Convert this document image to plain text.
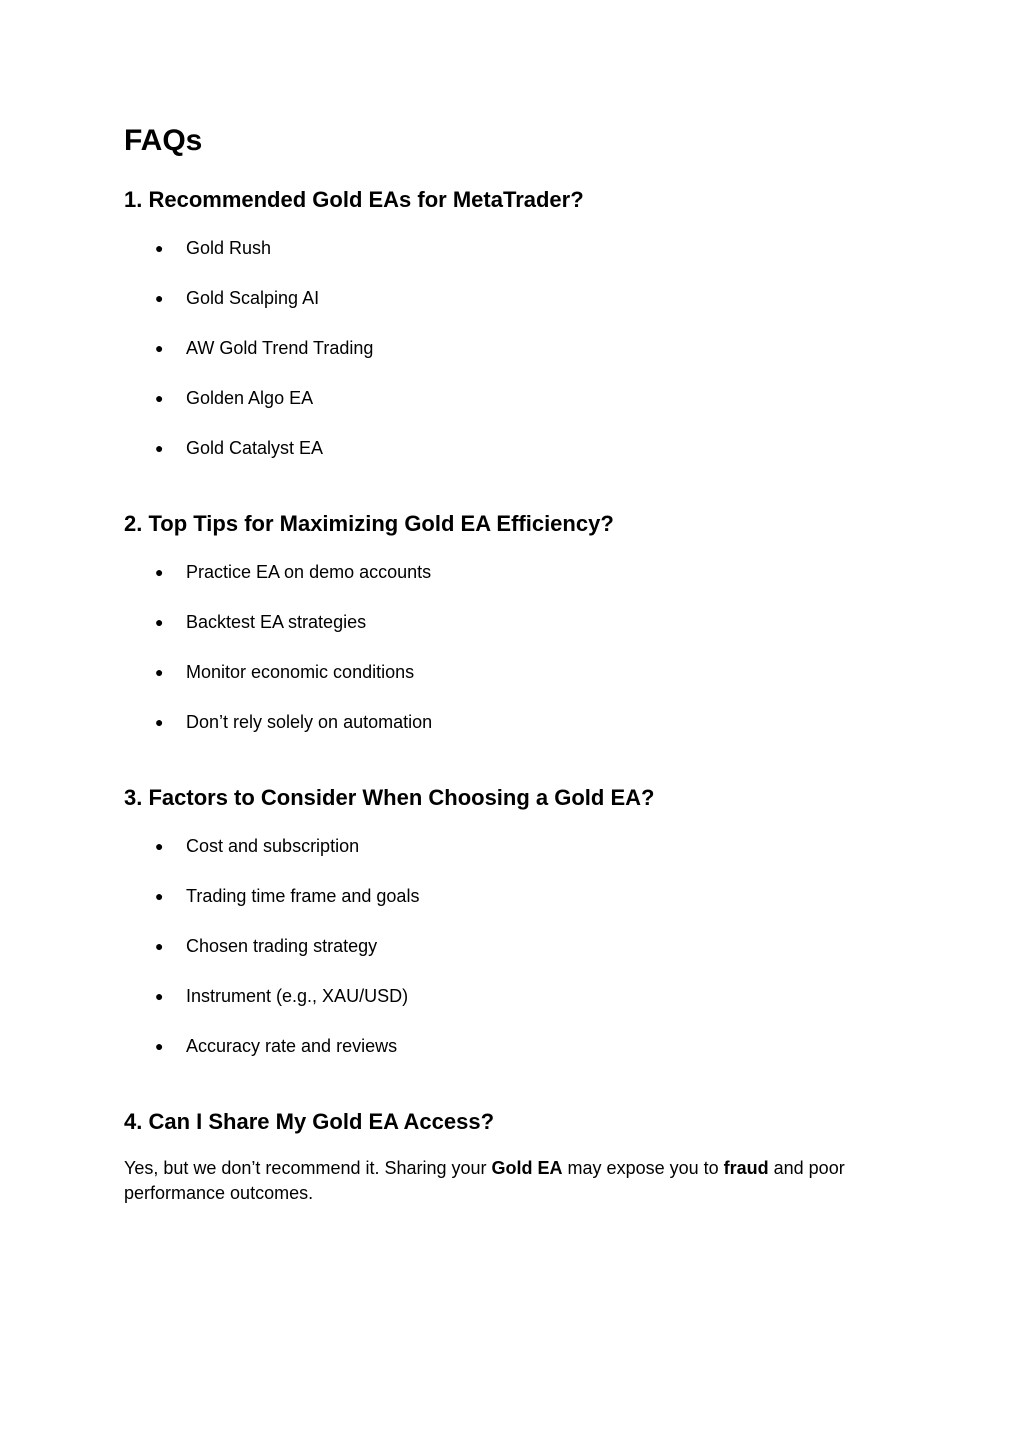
FAQs
1. Recommended Gold EAs for MetaTrader?
● Gold Rush
● Gold Scalping AI
● AW Gold Trend Trading
● Golden Algo EA
● Gold Catalyst EA
2. Top Tips for Maximizing Gold EA Efficiency?
● Practice EA on demo accounts
● Backtest EA strategies
● Monitor economic conditions
● Don’t rely solely on automation
3. Factors to Consider When Choosing a Gold EA?
● Cost and subscription
● Trading time frame and goals
● Chosen trading strategy
● Instrument (e.g., XAU/USD)
● Accuracy rate and reviews
4. Can I Share My Gold EA Access?

Yes, but we don’t recommend it. Sharing your Gold EA may expose you to fraud and poor performance outcomes.
